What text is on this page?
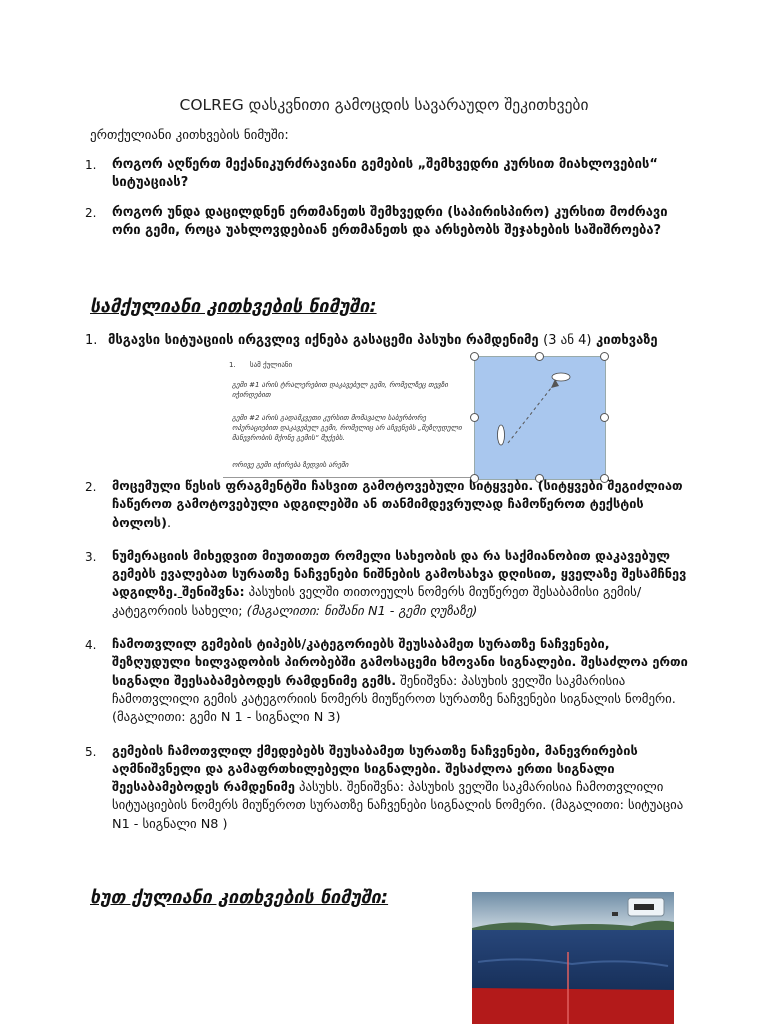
COLREG დასკვნითი გამოცდის სავარაუდო შეკითხვები
ერთქულიანი კითხვების ნიმუში:
1. როგორ აღწერთ მექანიკურძრავიანი გემების „შემხვედრი კურსით მიახლოვების“ სიტუაციას?
2. როგორ უნდა დაცილდნენ ერთმანეთს შემხვედრი (საპირისპირო) კურსით მოძრავი ორი გემი, როცა უახლოვდებიან ერთმანეთს და არსებობს შეჯახების საშიშროება?
სამქულიანი კითხვების ნიმუში:
1. მსგავსი სიტუაციის ირგვლივ იქნება გასაცემი პასუხი რამდენიმე (3 ან 4) კითხვაზე
1. სამ ქულიანი

გემი #1 არის ტრალერებით დაკავებულ გემი, რომელზეც თევზი იჭირდებით

გემი #2 არის გადამკვეთი კურსით მომავალი საბურბორე ოპერაციებით დაკავებულ გემი, რომელიც არ აჩვენებს „შეზღუდული მანევრობის მქონე გემის“ შუქებს.

ორივე გემი იჭირება ზედვის არეში

2. მოცემული წესის ფრაგმენტში ჩასვით გამოტოვებული სიტყვები. (სიტყვები შეგიძლიათ ჩაწეროთ გამოტოვებული ადგილებში ან თანმიმდევრულად ჩამოწეროთ ტექსტის ბოლოს).
3. ნუმერაციის მიხედვით მიუთითეთ რომელი სახეობის და რა საქმიანობით დაკავებულ გემებს ევალებათ სურათზე ნაჩვენები ნიშნების გამოსახვა დღისით, ყველაზე შესამჩნევ ადგილზე. შენიშვნა: პასუხის ველში თითოეულს ნომერს მიუწერეთ შესაბამისი გემის/კატეგორიის სახელი; (მაგალითი: ნიშანი N1 - გემი ღუზაზე)
4. ჩამოთვლილ გემების ტიპებს/კატეგორიებს შეუსაბამეთ სურათზე ნაჩვენები, შეზღუდული ხილვადობის პირობებში გამოსაცემი ხმოვანი სიგნალები. შესაძლოა ერთი სიგნალი შეესაბამებოდეს რამდენიმე გემს. შენიშვნა: პასუხის ველში საკმარისია ჩამოთვლილი გემის კატეგორიის ნომერს მიუწეროთ სურათზე ნაჩვენები სიგნალის ნომერი. (მაგალითი: გემი N 1 - სიგნალი N 3)
5. გემების ჩამოთვლილ ქმედებებს შეუსაბამეთ სურათზე ნაჩვენები, მანევრირების აღმნიშვნელი და გამაფრთხილებელი სიგნალები. შესაძლოა ერთი სიგნალი შეესაბამებოდეს რამდენიმე პასუხს. შენიშვნა: პასუხის ველში საკმარისია ჩამოთვლილი სიტუაციების ნომერს მიუწეროთ სურათზე ნაჩვენები სიგნალის ნომერი. (მაგალითი: სიტუაცია N1 - სიგნალი N8 )
ხუთ ქულიანი კითხვების ნიმუში:
